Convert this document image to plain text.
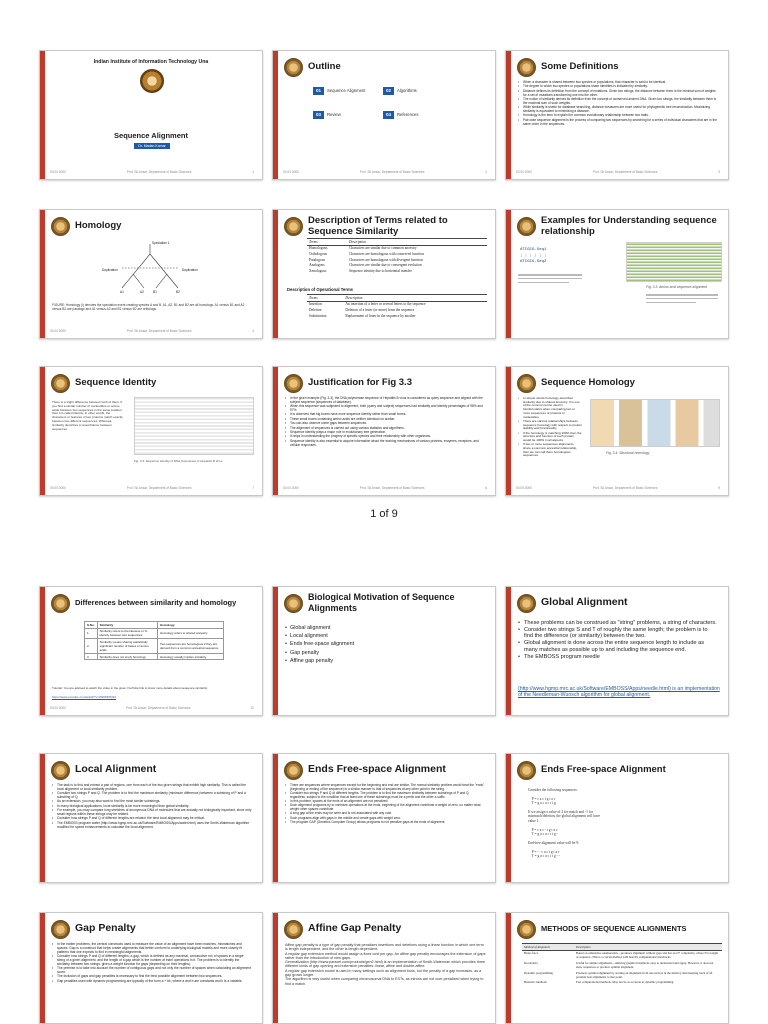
Indian Institute of Information Technology Una
Sequence Alignment
Dr. Madan Kumar
00.00.0000	Prof. Sk Ansar, Department of Basic Sciences	1
Outline
01	Sequence Alignment	02	Algorithms
03	Review	04	References
00.00.0000	Prof. Sk Ansar, Department of Basic Sciences	2
Some Definitions
• When a character is shared between two species or populations, that character is said to be identical.
• The degree to which two species or populations share identities is indicated by similarity.
• Distance defines its definition from the concept of mutations. Given two strings, the distance between them is the minimal sum of weights for a set of mutations transforming one into the other.
• The notion of similarity derives its definition from the concept of conserved ancient DNA. Given two strings, the similarity between them is the maximal sum of such weights.
• While similarity is useful for database searching, distance measures are more useful for phylogenetic tree reconstruction. Maximizing similarity is equivalent to minimizing a distance.
• Homology is the term to explain the common evolutionary relationship between two traits.
• Pair-wise sequence alignment is the process of comparing two sequences by searching for a series of individual characters that are in the same order in the sequences.
00.00.0000	Prof. Sk Ansar, Department of Basic Sciences	3
Homology
Speciation 1
Duplication	Duplication
A1	A2	B1	B2
FIGURE: Homology (i) denotes the speciation event creating species A and B. A1, A2, B1 and B2 are all homologs. A1 versus B1 and A2 versus B2 are paralogs and A1 versus A2 and B1 versus B2 are orthologs.
00.00.0000	Prof. Sk Ansar, Department of Basic Sciences	4
Description of Terms related to Sequence Similarity
Terms	Description
Homologous	Characters are similar due to common ancestry
Orthologous	Characters are homologous with conserved function
Paralogous	Characters are homologous with divergent function
Analogous	Characters are similar due to convergent evolution
Xenologous	Sequence identity due to horizontal transfer
Description of Operational Terms
Terms	Description
Insertion	An insertion of a letter or several letters to the sequence
Deletion	Deletion of a letter (or more) from the sequence
Substitution	Replacement of letter in the sequence by another
Examples for Understanding sequence relationship
ATCGCG-Seq1
| | | | | |
ATCGCG-Seq2
Fig. 3.3: Amino acid sequence alignment
Sequence Identity
There is a slight difference between both of them. If you find a similar number of nucleotides or amino acids between two sequences in the same position, then it is called identity. In other words, the characters or features of two proteins match exactly between two different sequences. Whereas, similarity describes a resemblance between sequences.
Fig. 3.3: Sequence identity of DNA polymerase in Hepatitis B Virus.
00.00.0000	Prof. Sk Ansar, Department of Basic Sciences	7
Justification for Fig 3.3
• In the given example (Fig. 3.3), the DNA polymerase sequence of Hepatitis B virus is considered as query sequence and aligned with the subject sequence (sequences of database).
• When this sequence was subjected to alignment, both (query and subject) sequences had similarity and identity percentages of 98% and 97%.
• It is observed that big boxes have more sequence identity rather than small boxes.
• These small boxes containing amino acids are neither identical nor similar.
• You can also observe some gaps between sequences.
• The alignment of sequences is carried out using various statistics and algorithms.
• Sequence identity plays a major role in evolutionary tree generation.
• It helps in understanding the progeny of specific species and their relationship with other organisms.
• Sequence identity is also essential to acquire information about the working mechanisms of various proteins, enzymes, receptors, and cellular responses.
00.00.0000	Prof. Sk Ansar, Department of Basic Sciences	8
Sequence Homology
• In simple words homology describes similarity due to shared ancestry. It is one of the common terms used in bioinformatics when comparing two or more sequences of proteins or nucleotides.
• There are various relationships between sequence homology with respect to protein stability and functionality.
• If the homology is matching 100% then the structure and function of such protein would be 100% in all aspects.
• If two or more sequences alignments share a common ancestral relationship, then we can call them homologous sequences.
Fig. 3.4: Structural homology
00.00.0000	Prof. Sk Ansar, Department of Basic Sciences	9
1 of 9
Differences between similarity and homology
S.No.	Similarity	Homology
1.	Similarity refers to the likeness or % identity between two sequences	Homology refers to shared ancestry
2.	Similarity means sharing statistically significant number of bases or amino acids	Two sequences are homologous if they are derived from a common ancestral sequence
3.	Similarity does not imply homology	Homology usually implies similarity
Tutorial: You are advised to watch the video in the given YouTube link to know more details about sequence similarity:
https://www.youtube.com/watch?v=Wk6MPfQ9d
00.00.0000	Prof. Sk Ansar, Department of Basic Sciences	10
Biological Motivation of Sequence Alignments
• Global alignment
• Local alignment
• Ends free-space alignment
• Gap penalty
• Affine gap penalty
Global Alignment
• These problems can be construed as "string" problems, a string of characters.
• Consider two strings S and T of roughly the same length; the problem is to find the difference (or similarity) between the two.
• Global alignment is done across the entire sequence length to include as many matches as possible up to and including the sequence end.
• The EMBOSS program needle
(http://www.hgmp.mrc.ac.uk/Software/EMBOSS/Apps/needle.html) is an implementation of the Needleman-Wunsch algorithm for global alignment.
Local Alignment
• The task is to find and extract a pair of regions, one from each of the two given strings that exhibit high similarity. This is called the local alignment or local similarity problem.
• Consider two strings P and Q. The problem is to find the maximum similarity (minimum difference) between a substring of P and a substring of Q.
• As an extension, you may also want to find the most similar substrings.
• In many biological applications, local similarity is far more meaningful than global similarity.
• For example, you may compare long stretches of anonymous DNA of molecules that are actually not biologically important, since only small regions within these strings may be related.
• Consider how strings P and Q of different lengths are related: the best local alignment may be critical.
• The EMBOSS program water (http://www.hgmp.mrc.ac.uk/Software/EMBOSS/Apps/water.html) uses the Smith-Waterman algorithm modified for speed enhancements to calculate the local alignment.
Ends Free-space Alignment
• There are sequences where sequences except for the beginning and end are similar. The normal similarity problem would treat the "ends" (beginning or ending of the sequence) in a similar manner to that of sequences at any other point in the string.
• Consider two strings P and Q of different lengths. The problem is to find the maximum similarity between substrings of P and Q, regardless, subject to the condition that at least one of these substrings must be a prefix and the other a suffix.
• In this problem, spaces at the ends of an alignment are not penalized.
• Such alignment programs try to minimize operations at the ends, beginning of the alignment contribute a weight of zero, no matter what weight other spaces contribute.
• A long gap at the ends may be seen and is not associated with any cost.
• Such programs align with gaps in the middle and create gaps with weight zero.
• The program GAP (Genetics Computer Group) allows programs to not penalize gaps at the ends of alignment.
Ends Free-space Alignment
Consider the following sequences:

P = c a c t g t a c
T = g a c a c t t g

If we assign a value of 2 for match and -1 for
mismatch/deletion, the global alignment will have
value 1:

P = c a c - t g t a c
T = g a c a c t t g -

End-free alignment value will be 9:

P = - - c a c t g t a c
T = g a c a c t t g - -
Gap Penalty
• In the earlier problems, the central constructs used to measure the value of an alignment have been matches, mismatches and spaces. Gap is a construct that helps create alignments that better conform to underlying biological models and more closely fit patterns that one expects to find in meaningful alignments.
• Consider how strings P and Q of different lengths, a gap, which is defined as any maximal, consecutive run of spaces in a single string of a given alignment, and the length of a gap which is the number of indel operations in it. The problem is to identify the similarity between two strings, given a weight function for gaps (depending on their lengths).
• The premise is to take into account the number of contiguous gaps and not only the number of spaces when calculating an alignment score.
• The inclusion of gaps and gap penalties is necessary to find the best possible alignment between two sequences.
• Gap penalties used with dynamic programming are typically of the form a + bk, where a and b are constants and k is a variable.
Affine Gap Penalty
Affine gap penalty is a type of gap penalty that penalizes insertions and deletions using a linear function in which one term is length independent, and the other is length dependent.
A regular gap extension method would assign a fixed cost per gap. An affine gap penalty encourages the extension of gaps rather than the introduction of new gaps.
Generalization (http://www.paracel.com/products/gen2.html) is an implementation of Smith-Waterman which provides three different kinds of gap opening and extension penalties: linear, affine and double-affine.
A regular gap extension model is used in many settings such as alignment tools, but the penalty of a gap increases, as a gap grows longer.
The algorithm is very useful when comparing chromosomal DNA to ESTs, as introns are not over-penalized when trying to find a match.
METHODS OF SEQUENCE ALIGNMENTS
Method of Alignment	Description
Brute-force	Based on exhaustive enumeration—produces alignment without gaps and has an O* complexity, where N is length of sequence. This is a crucial method with heavily computational drawbacks.
Dot-matrix	Useful for simple alignments—utilizing graphical methods, easy to understand and apply. However, it does not show sequences or produce optimal alignment.
Dynamic programming	Produces optimal alignment by starting an alignment from one end (as in the matrix), then keeping track of all possible best alignments to that point.
Heuristic methods	Fast computational methods. May not be as accurate as dynamic programming.
